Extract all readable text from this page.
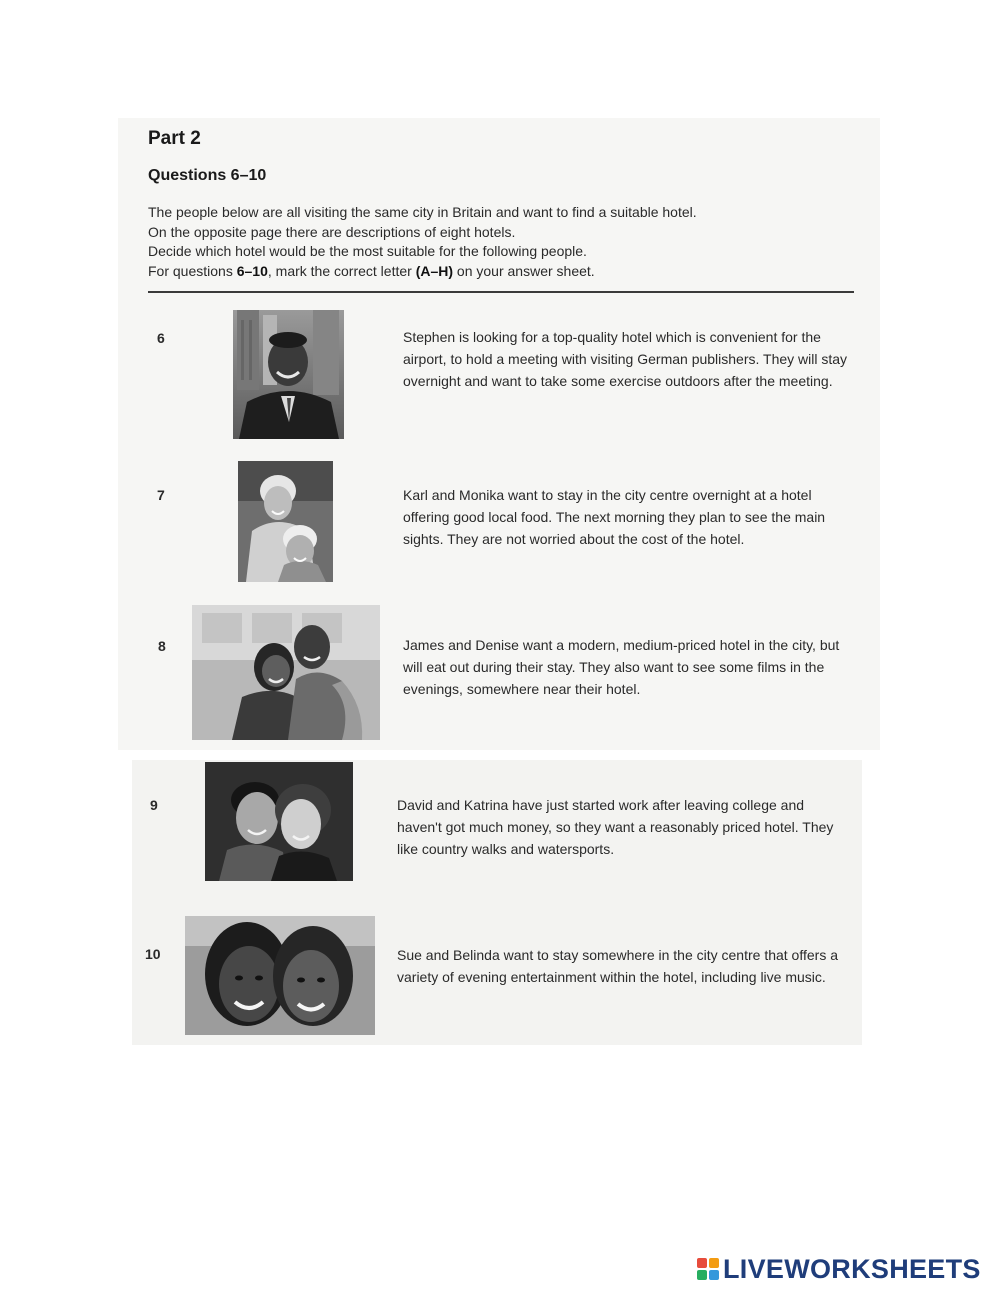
Part 2
Questions 6–10

The people below are all visiting the same city in Britain and want to find a suitable hotel.

On the opposite page there are descriptions of eight hotels.

Decide which hotel would be the most suitable for the following people.

For questions 6–10, mark the correct letter (A–H) on your answer sheet.

6	Stephen is looking for a top-quality hotel which is convenient for the airport, to hold a meeting with visiting German publishers. They will stay overnight and want to take some exercise outdoors after the meeting.

7	Karl and Monika want to stay in the city centre overnight at a hotel offering good local food. The next morning they plan to see the main sights. They are not worried about the cost of the hotel.

8	James and Denise want a modern, medium-priced hotel in the city, but will eat out during their stay. They also want to see some films in the evenings, somewhere near their hotel.

9	David and Katrina have just started work after leaving college and haven't got much money, so they want a reasonably priced hotel. They like country walks and watersports.

10	Sue and Belinda want to stay somewhere in the city centre that offers a variety of evening entertainment within the hotel, including live music.

LIVEWORKSHEETS
